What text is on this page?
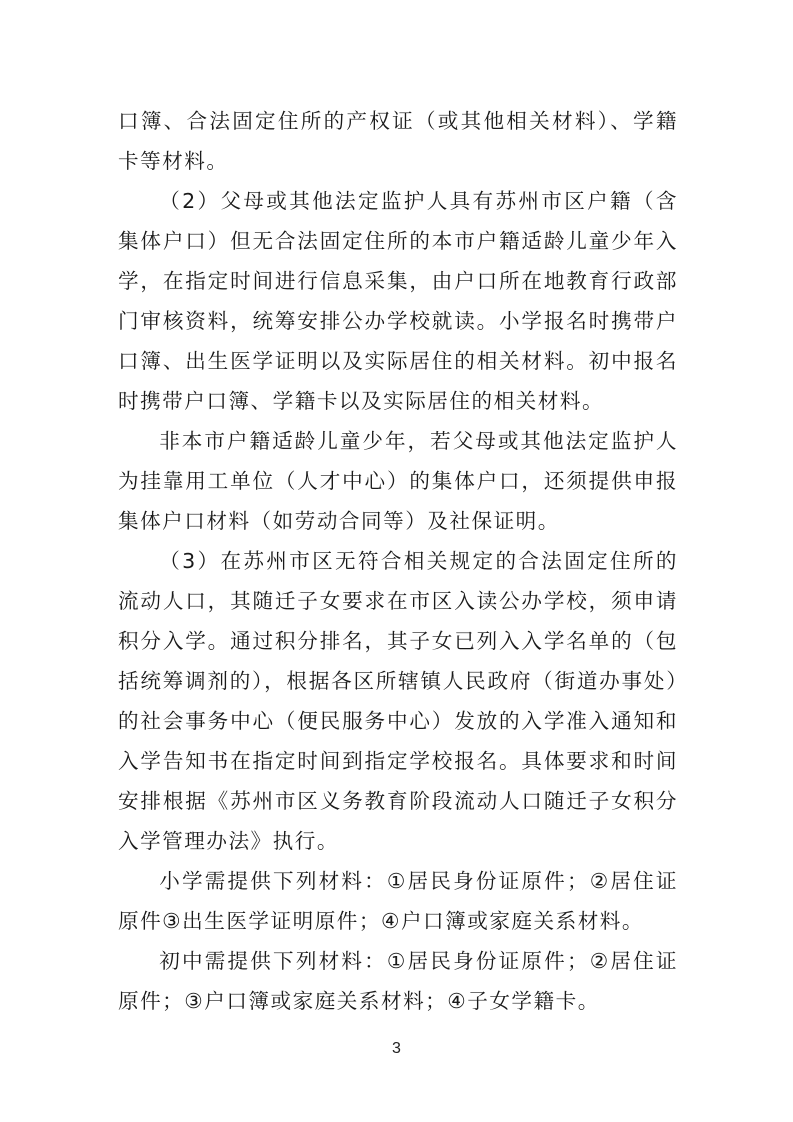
口簿、合法固定住所的产权证（或其他相关材料）、学籍卡等材料。

（2）父母或其他法定监护人具有苏州市区户籍（含集体户口）但无合法固定住所的本市户籍适龄儿童少年入学，在指定时间进行信息采集，由户口所在地教育行政部门审核资料，统筹安排公办学校就读。小学报名时携带户口簿、出生医学证明以及实际居住的相关材料。初中报名时携带户口簿、学籍卡以及实际居住的相关材料。

非本市户籍适龄儿童少年，若父母或其他法定监护人为挂靠用工单位（人才中心）的集体户口，还须提供申报集体户口材料（如劳动合同等）及社保证明。

（3）在苏州市区无符合相关规定的合法固定住所的流动人口，其随迁子女要求在市区入读公办学校，须申请积分入学。通过积分排名，其子女已列入入学名单的（包括统筹调剂的），根据各区所辖镇人民政府（街道办事处）的社会事务中心（便民服务中心）发放的入学准入通知和入学告知书在指定时间到指定学校报名。具体要求和时间安排根据《苏州市区义务教育阶段流动人口随迁子女积分入学管理办法》执行。

小学需提供下列材料：①居民身份证原件；②居住证原件③出生医学证明原件；④户口簿或家庭关系材料。

初中需提供下列材料：①居民身份证原件；②居住证原件；③户口簿或家庭关系材料；④子女学籍卡。

3
